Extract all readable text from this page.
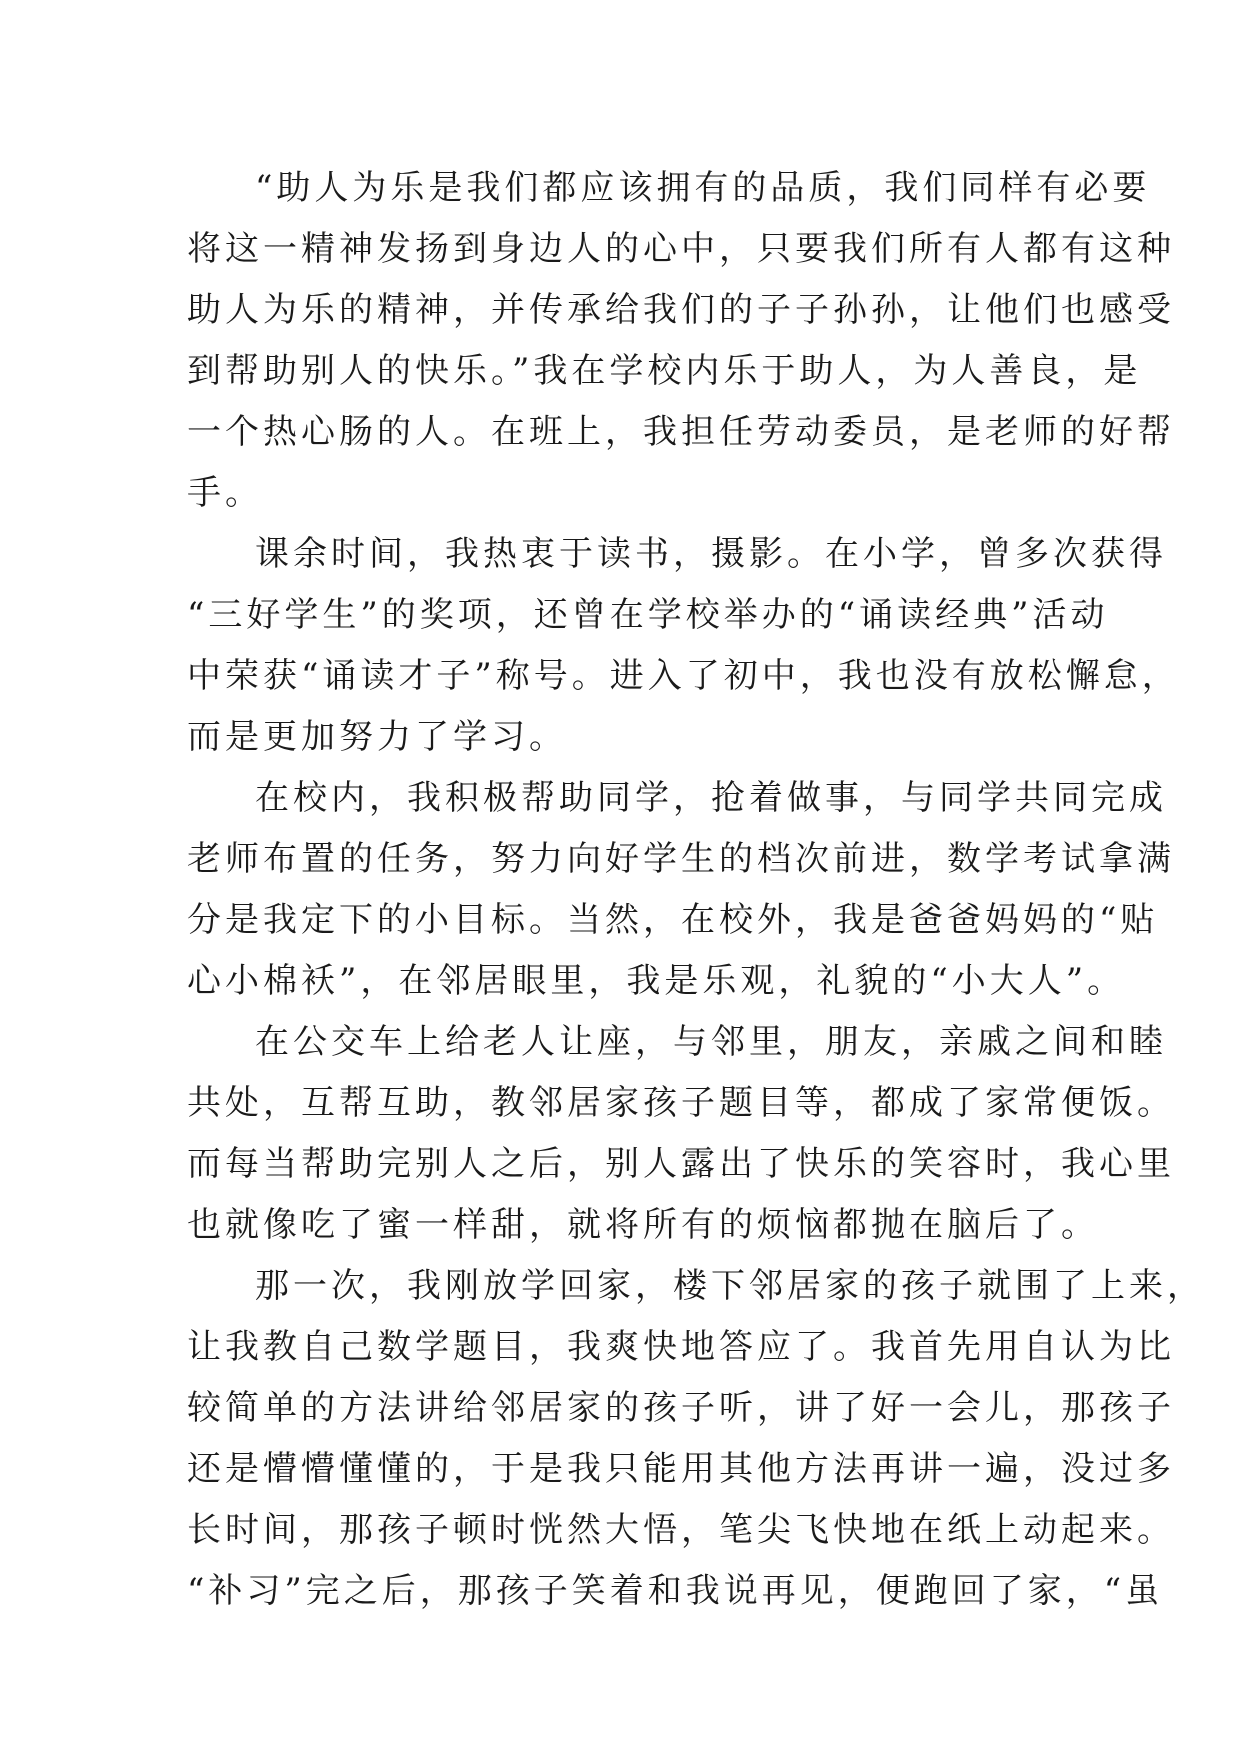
“助人为乐是我们都应该拥有的品质，我们同样有必要
将这一精神发扬到身边人的心中，只要我们所有人都有这种
助人为乐的精神，并传承给我们的子子孙孙，让他们也感受
到帮助别人的快乐。”我在学校内乐于助人，为人善良，是
一个热心肠的人。在班上，我担任劳动委员，是老师的好帮
手。
课余时间，我热衷于读书，摄影。在小学，曾多次获得
“三好学生”的奖项，还曾在学校举办的“诵读经典”活动
中荣获“诵读才子”称号。进入了初中，我也没有放松懈怠，
而是更加努力了学习。
在校内，我积极帮助同学，抢着做事，与同学共同完成
老师布置的任务，努力向好学生的档次前进，数学考试拿满
分是我定下的小目标。当然，在校外，我是爸爸妈妈的“贴
心小棉袄”，在邻居眼里，我是乐观，礼貌的“小大人”。
在公交车上给老人让座，与邻里，朋友，亲戚之间和睦
共处，互帮互助，教邻居家孩子题目等，都成了家常便饭。
而每当帮助完别人之后，别人露出了快乐的笑容时，我心里
也就像吃了蜜一样甜，就将所有的烦恼都抛在脑后了。
那一次，我刚放学回家，楼下邻居家的孩子就围了上来，
让我教自己数学题目，我爽快地答应了。我首先用自认为比
较简单的方法讲给邻居家的孩子听，讲了好一会儿，那孩子
还是懵懵懂懂的，于是我只能用其他方法再讲一遍，没过多
长时间，那孩子顿时恍然大悟，笔尖飞快地在纸上动起来。
“补习”完之后，那孩子笑着和我说再见，便跑回了家，“虽
